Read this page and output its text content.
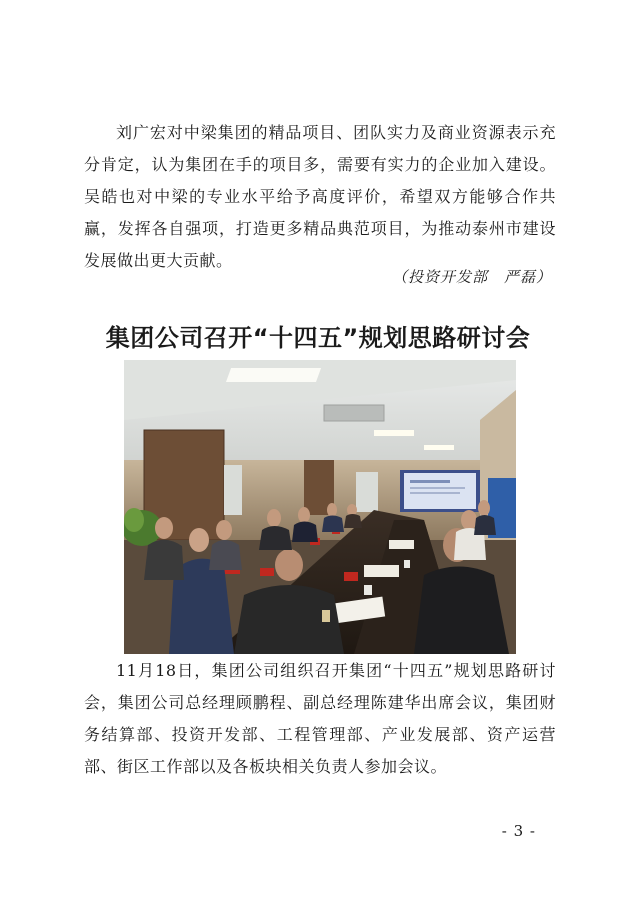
刘广宏对中梁集团的精品项目、团队实力及商业资源表示充分肯定，认为集团在手的项目多，需要有实力的企业加入建设。吴皓也对中梁的专业水平给予高度评价，希望双方能够合作共赢，发挥各自强项，打造更多精品典范项目，为推动泰州市建设发展做出更大贡献。

（投资开发部　严磊）
集团公司召开“十四五”规划思路研讨会

11月18日，集团公司组织召开集团“十四五”规划思路研讨会，集团公司总经理顾鹏程、副总经理陈建华出席会议，集团财务结算部、投资开发部、工程管理部、产业发展部、资产运营部、街区工作部以及各板块相关负责人参加会议。

- 3 -
